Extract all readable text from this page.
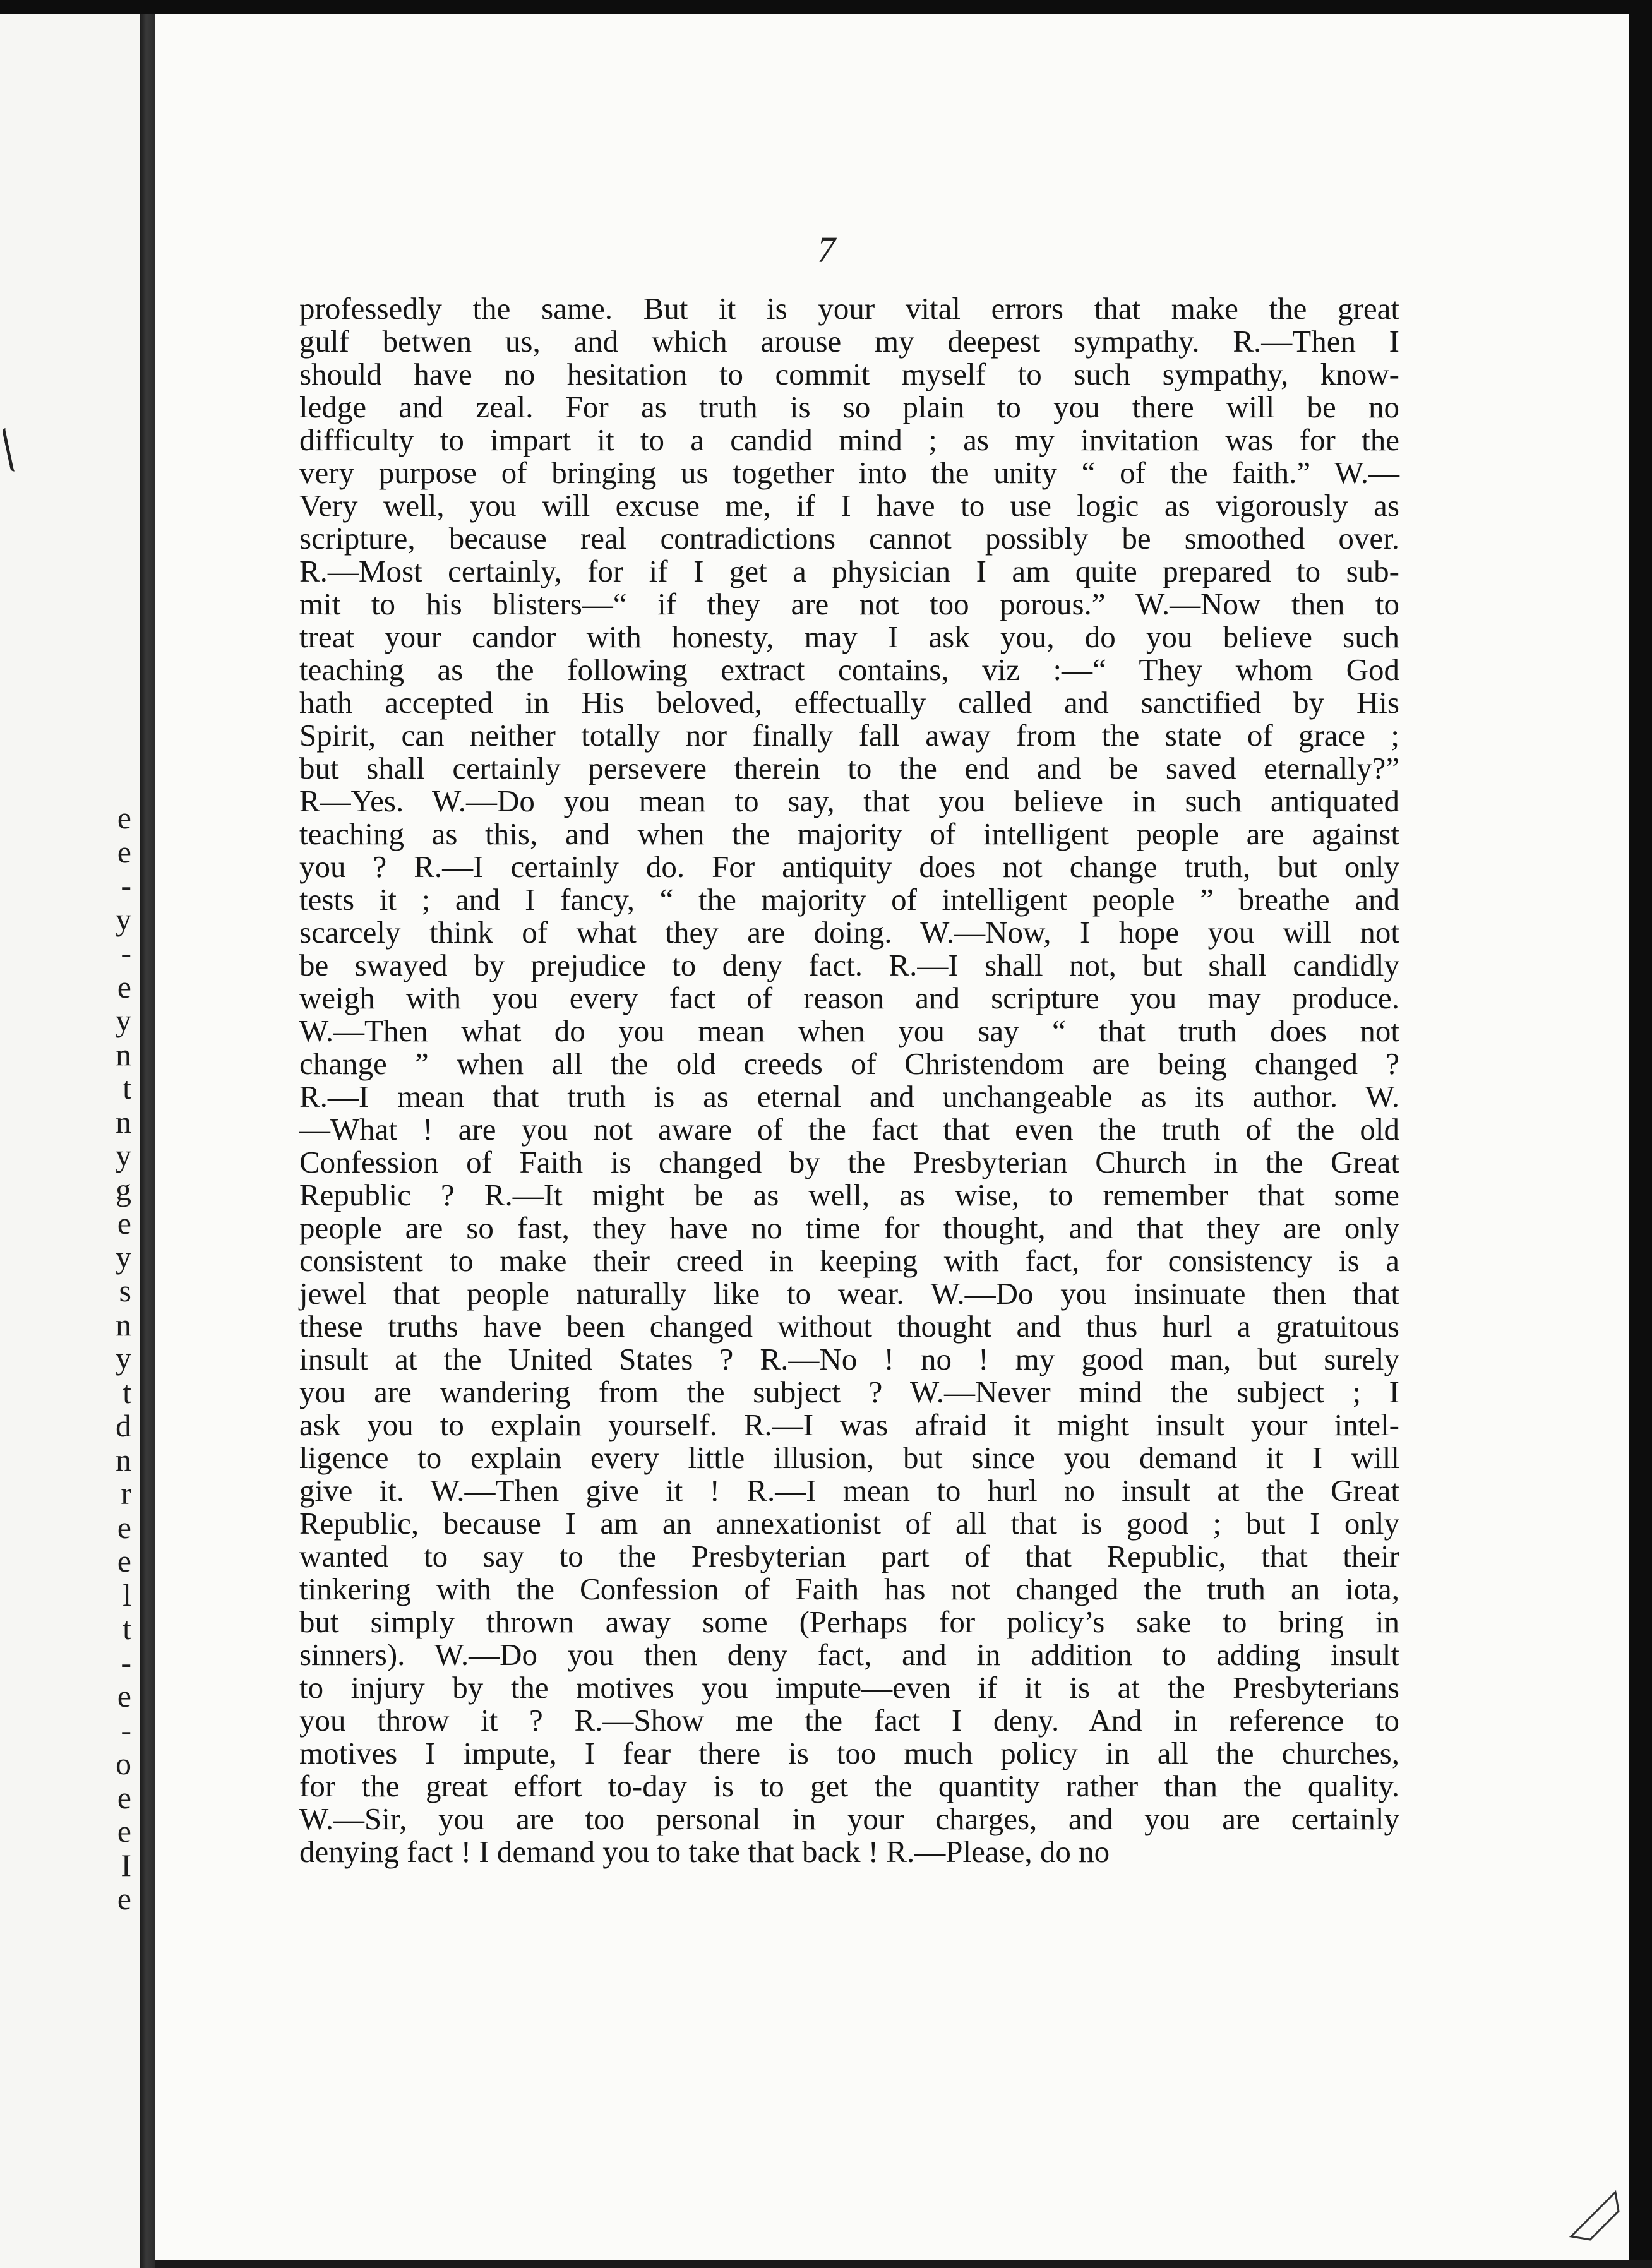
e
e
-
y
-
e
y
n
t
n
y
g
e
y
s
n
y
t
d
n
r
e
e
l
t
-
e
-
o
e
e
I
e
7
professedly the same. But it is your vital errors that make the great
gulf betwen us, and which arouse my deepest sympathy. R.—Then I
should have no hesitation to commit myself to such sympathy, know-
ledge and zeal. For as truth is so plain to you there will be no
difficulty to impart it to a candid mind ; as my invitation was for the
very purpose of bringing us together into the unity “ of the faith.” W.—
Very well, you will excuse me, if I have to use logic as vigorously as
scripture, because real contradictions cannot possibly be smoothed over.
R.—Most certainly, for if I get a physician I am quite prepared to sub-
mit to his blisters—“ if they are not too porous.” W.—Now then to
treat your candor with honesty, may I ask you, do you believe such
teaching as the following extract contains, viz :—“ They whom God
hath accepted in His beloved, effectually called and sanctified by His
Spirit, can neither totally nor finally fall away from the state of grace ;
but shall certainly persevere therein to the end and be saved eternally?”
R—Yes. W.—Do you mean to say, that you believe in such antiquated
teaching as this, and when the majority of intelligent people are against
you ? R.—I certainly do. For antiquity does not change truth, but only
tests it ; and I fancy, “ the majority of intelligent people ” breathe and
scarcely think of what they are doing. W.—Now, I hope you will not
be swayed by prejudice to deny fact. R.—I shall not, but shall candidly
weigh with you every fact of reason and scripture you may produce.
W.—Then what do you mean when you say “ that truth does not
change ” when all the old creeds of Christendom are being changed ?
R.—I mean that truth is as eternal and unchangeable as its author. W.
—What ! are you not aware of the fact that even the truth of the old
Confession of Faith is changed by the Presbyterian Church in the Great
Republic ? R.—It might be as well, as wise, to remember that some
people are so fast, they have no time for thought, and that they are only
consistent to make their creed in keeping with fact, for consistency is a
jewel that people naturally like to wear. W.—Do you insinuate then that
these truths have been changed without thought and thus hurl a gratuitous
insult at the United States ? R.—No ! no ! my good man, but surely
you are wandering from the subject ? W.—Never mind the subject ; I
ask you to explain yourself. R.—I was afraid it might insult your intel-
ligence to explain every little illusion, but since you demand it I will
give it. W.—Then give it ! R.—I mean to hurl no insult at the Great
Republic, because I am an annexationist of all that is good ; but I only
wanted to say to the Presbyterian part of that Republic, that their
tinkering with the Confession of Faith has not changed the truth an iota,
but simply thrown away some (Perhaps for policy’s sake to bring in
sinners). W.—Do you then deny fact, and in addition to adding insult
to injury by the motives you impute—even if it is at the Presbyterians
you throw it ? R.—Show me the fact I deny. And in reference to
motives I impute, I fear there is too much policy in all the churches,
for the great effort to-day is to get the quantity rather than the quality.
W.—Sir, you are too personal in your charges, and you are certainly
denying fact ! I demand you to take that back ! R.—Please, do no
